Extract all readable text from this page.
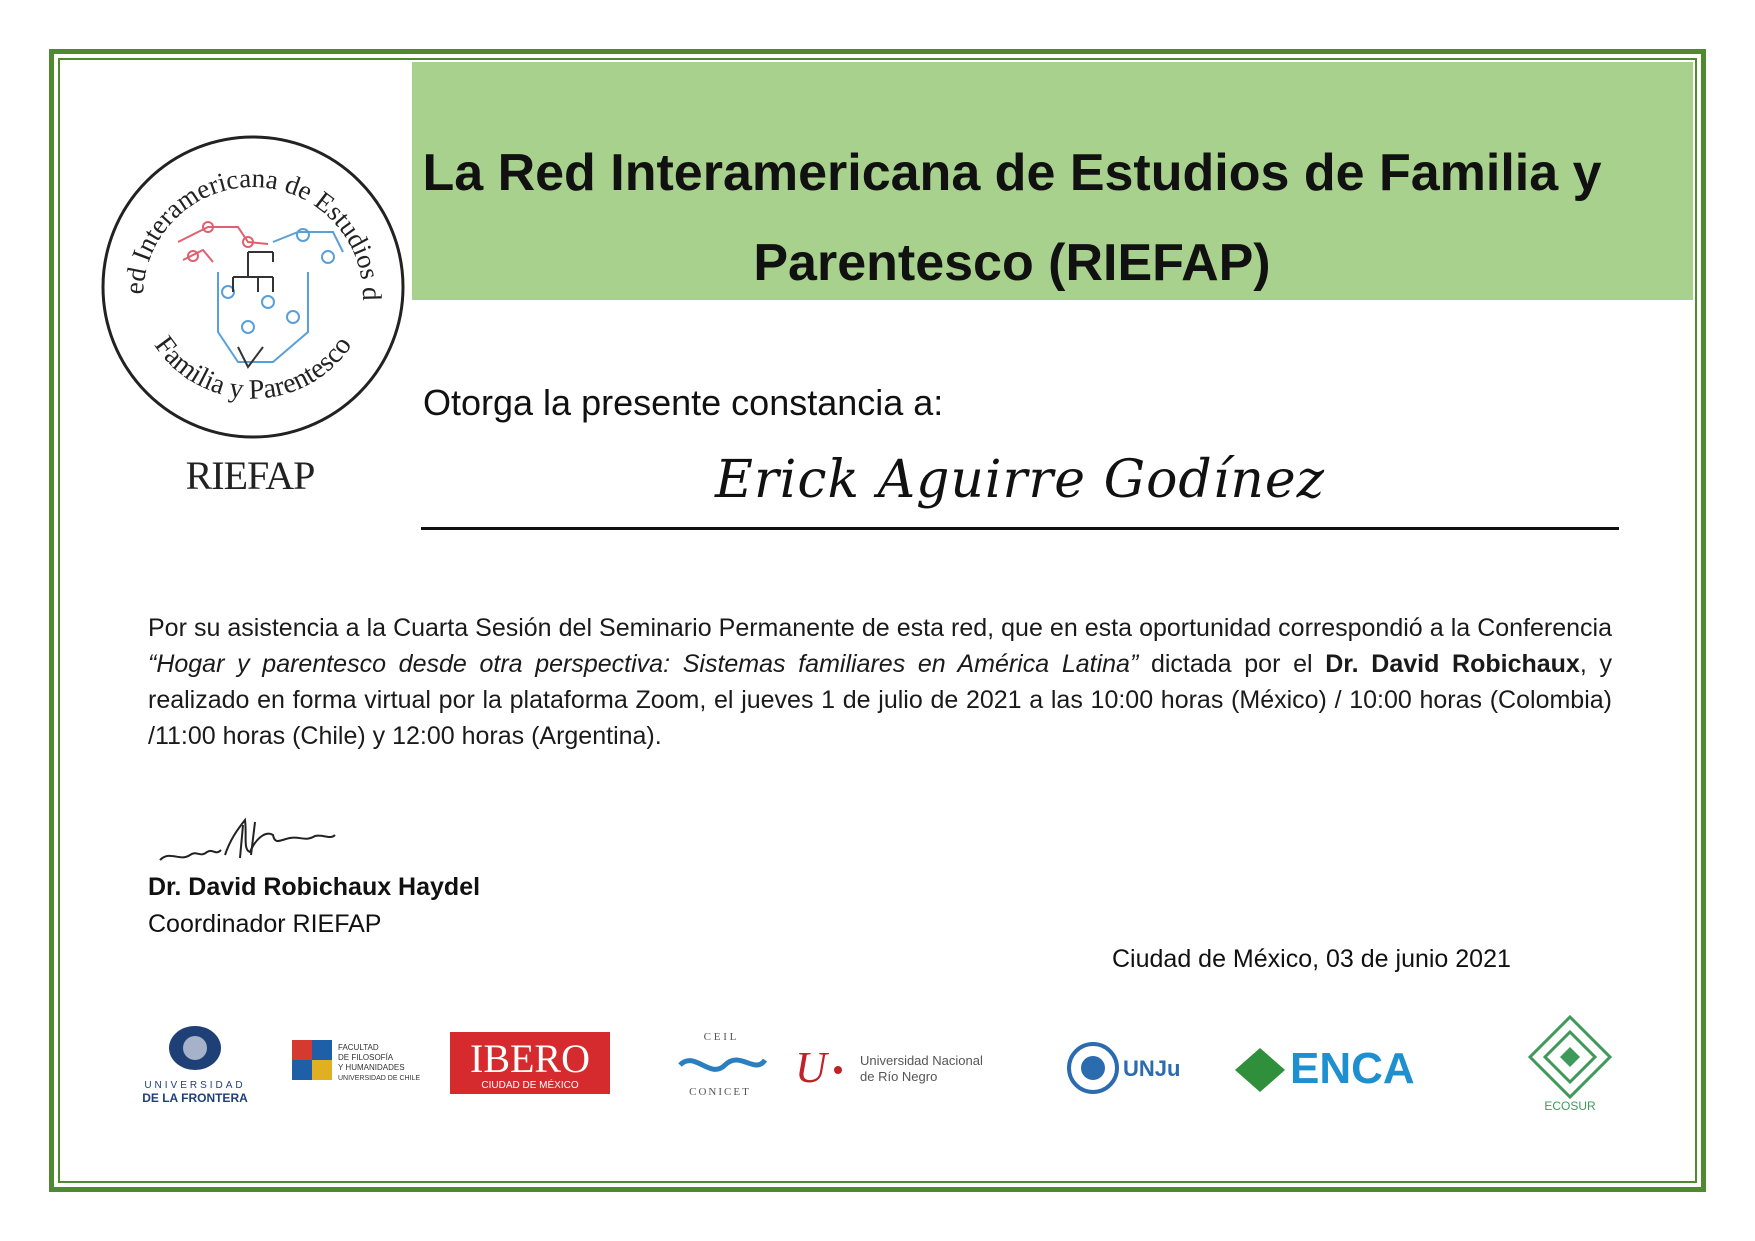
La Red Interamericana de Estudios de Familia y Parentesco (RIEFAP)
ed Interamericana de Estudios d
Familia y Parentesco
RIEFAP
Otorga la presente constancia a:
Erick Aguirre Godínez
Por su asistencia a la Cuarta Sesión del Seminario Permanente de esta red, que en esta oportunidad correspondió a la Conferencia “Hogar y parentesco desde otra perspectiva: Sistemas familiares en América Latina” dictada por el Dr. David Robichaux, y realizado en forma virtual por la plataforma Zoom, el jueves 1 de julio de 2021 a las 10:00 horas (México) / 10:00 horas (Colombia) /11:00 horas (Chile) y 12:00 horas (Argentina).
Dr. David Robichaux Haydel
Coordinador RIEFAP
Ciudad de México, 03 de junio 2021
UNIVERSIDAD
DE LA FRONTERA
FACULTAD
DE FILOSOFÍA
Y HUMANIDADES
UNIVERSIDAD DE CHILE IBERO
CIUDAD DE MÉXICO
C E I L
CONICET U	Universidad Nacional
de Río Negro	UNJu ENCA
ECOSUR
